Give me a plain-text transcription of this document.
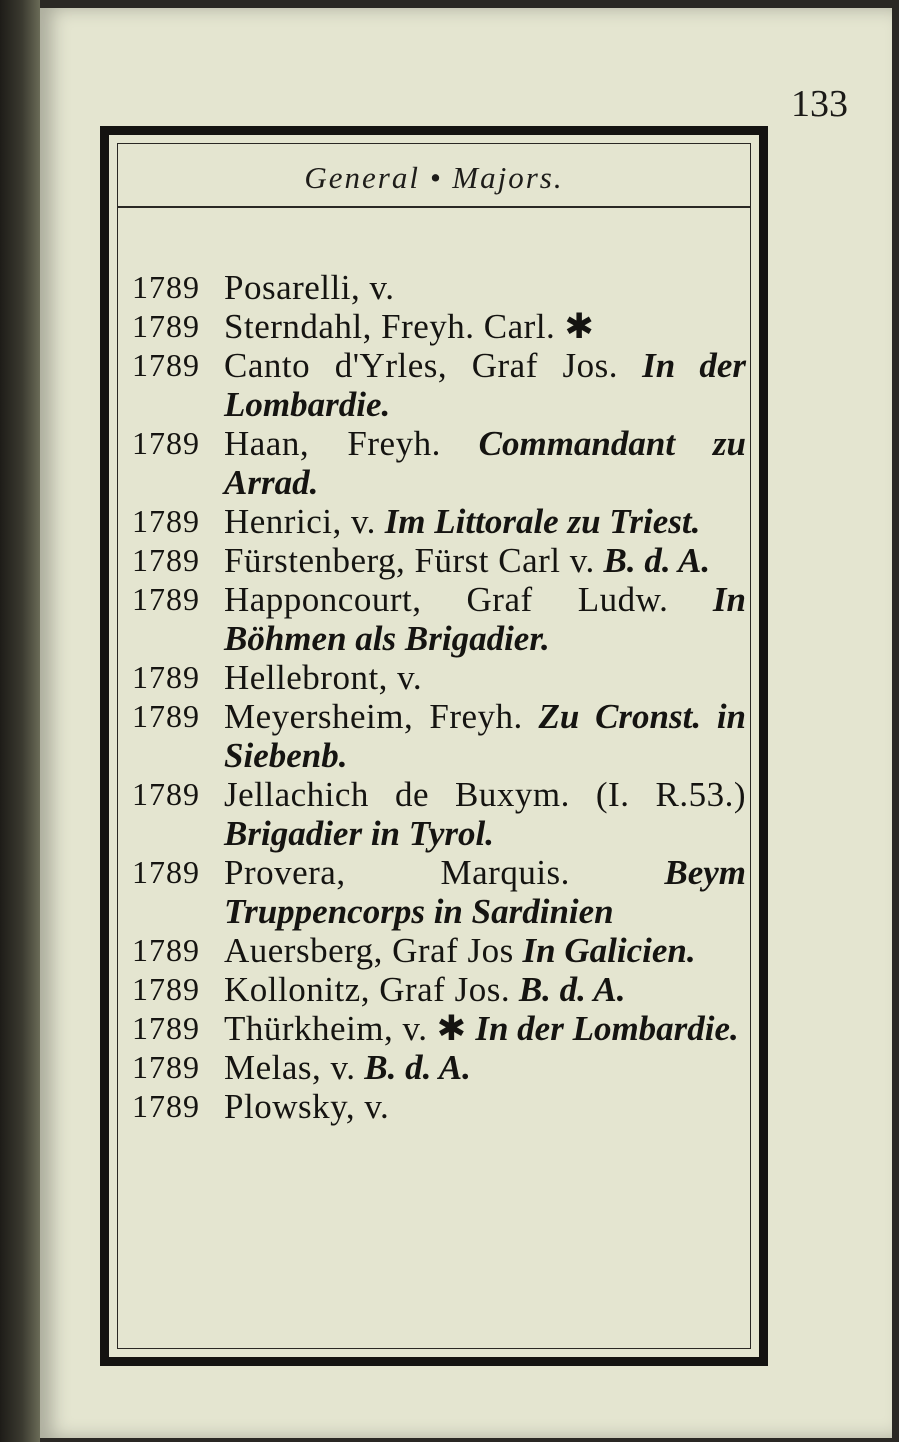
133
General • Majors.
1789 Posarelli, v.
1789 Sterndahl, Freyh. Carl. ✱
1789 Canto d'Yrles, Graf Jos. In der Lombardie.
1789 Haan, Freyh. Commandant zu Arrad.
1789 Henrici, v. Im Littorale zu Triest.
1789 Fürstenberg, Fürst Carl v. B. d. A.
1789 Happoncourt, Graf Ludw. In Böhmen als Brigadier.
1789 Hellebront, v.
1789 Meyersheim, Freyh. Zu Cronst. in Siebenb.
1789 Jellachich de Buxym. (I. R.53.) Brigadier in Tyrol.
1789 Provera, Marquis.	Beym Truppencorps in Sardinien
1789 Auersberg, Graf Jos In Galicien.
1789 Kollonitz, Graf Jos. B. d. A.
1789 Thürkheim, v. ✱ In der Lombardie.
1789 Melas, v. B. d. A.
1789 Plowsky, v.
